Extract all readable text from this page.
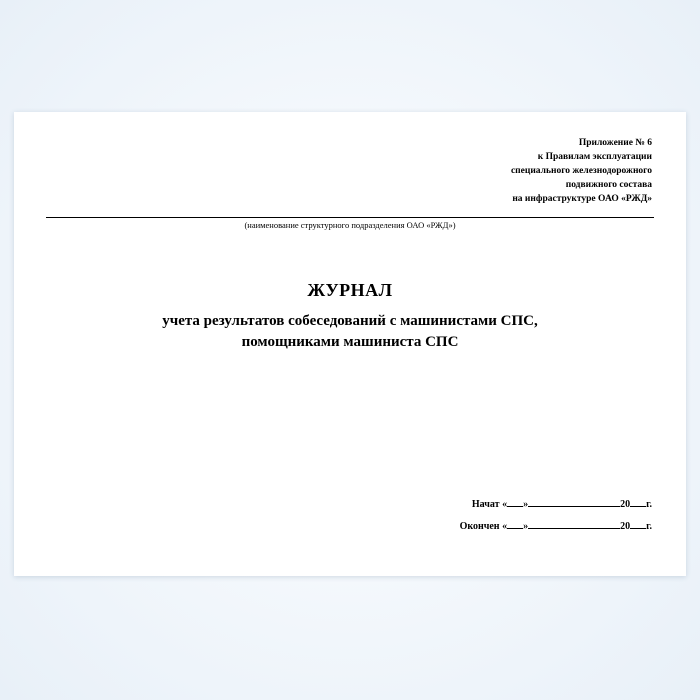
Приложение № 6
к Правилам эксплуатации
специального железнодорожного
подвижного состава
на инфраструктуре ОАО «РЖД»
(наименование структурного подразделения ОАО «РЖД»)
ЖУРНАЛ
учета результатов собеседований с машинистами СПС,
помощниками машиниста СПС
Начат « »	20 г.
Окончен « »	20 г.
